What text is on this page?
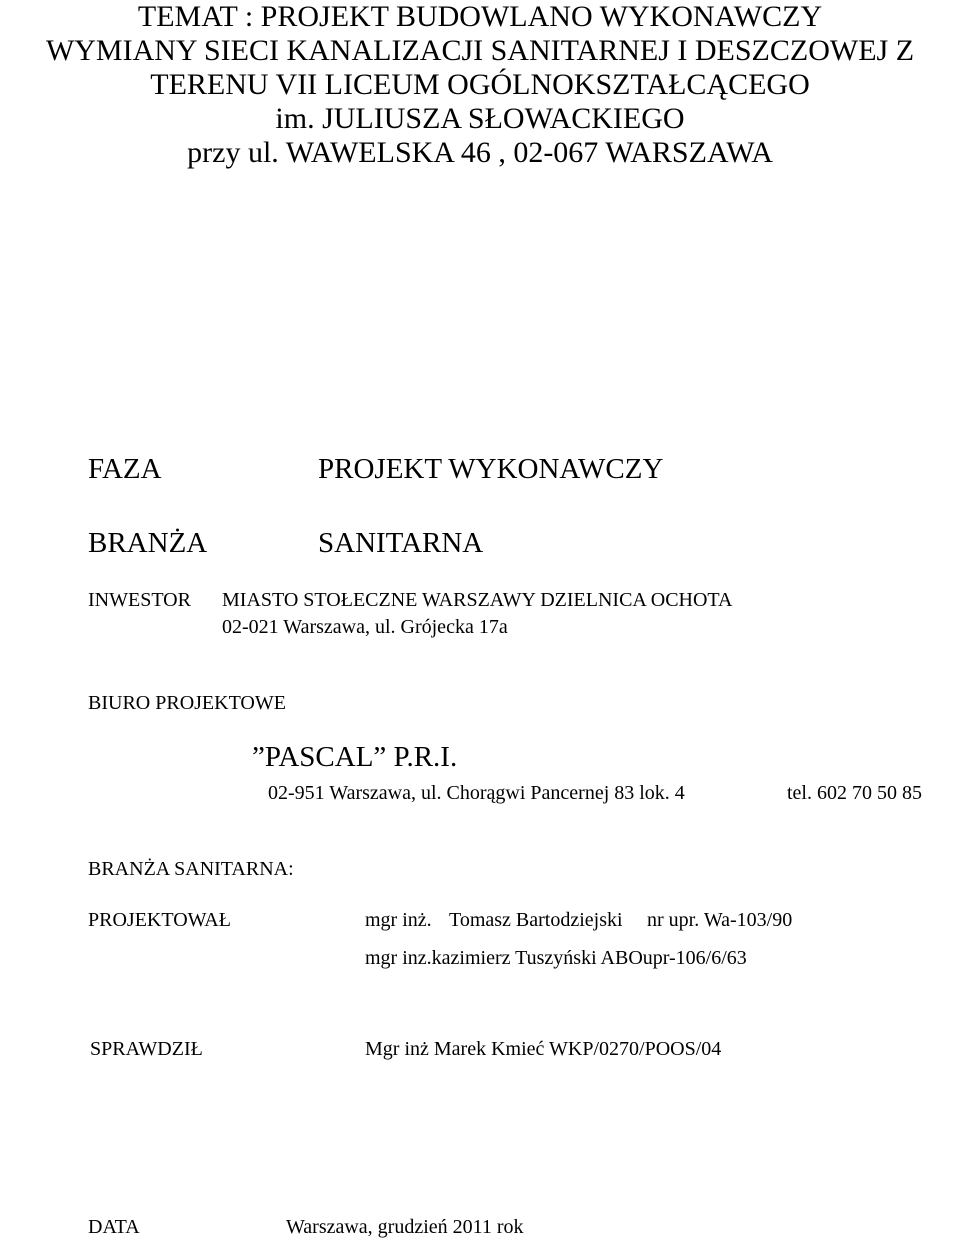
TEMAT : PROJEKT BUDOWLANO WYKONAWCZY
WYMIANY SIECI KANALIZACJI SANITARNEJ I DESZCZOWEJ Z
TERENU VII LICEUM OGÓLNOKSZTAŁCĄCEGO
im. JULIUSZA SŁOWACKIEGO
przy ul. WAWELSKA 46 , 02-067 WARSZAWA
FAZA	PROJEKT WYKONAWCZY
BRANŻA	SANITARNA
INWESTOR MIASTO STOŁECZNE WARSZAWY DZIELNICA OCHOTA
02-021 Warszawa, ul. Grójecka 17a
BIURO PROJEKTOWE
”PASCAL” P.R.I.
02-951 Warszawa, ul. Chorągwi Pancernej 83 lok. 4	tel. 602 70 50 85
BRANŻA SANITARNA:
PROJEKTOWAŁ	mgr inż. Tomasz Bartodziejski nr upr. Wa-103/90
mgr inz.kazimierz Tuszyński ABOupr-106/6/63
SPRAWDZIŁ	Mgr inż Marek Kmieć WKP/0270/POOS/04
DATA	Warszawa, grudzień 2011 rok
